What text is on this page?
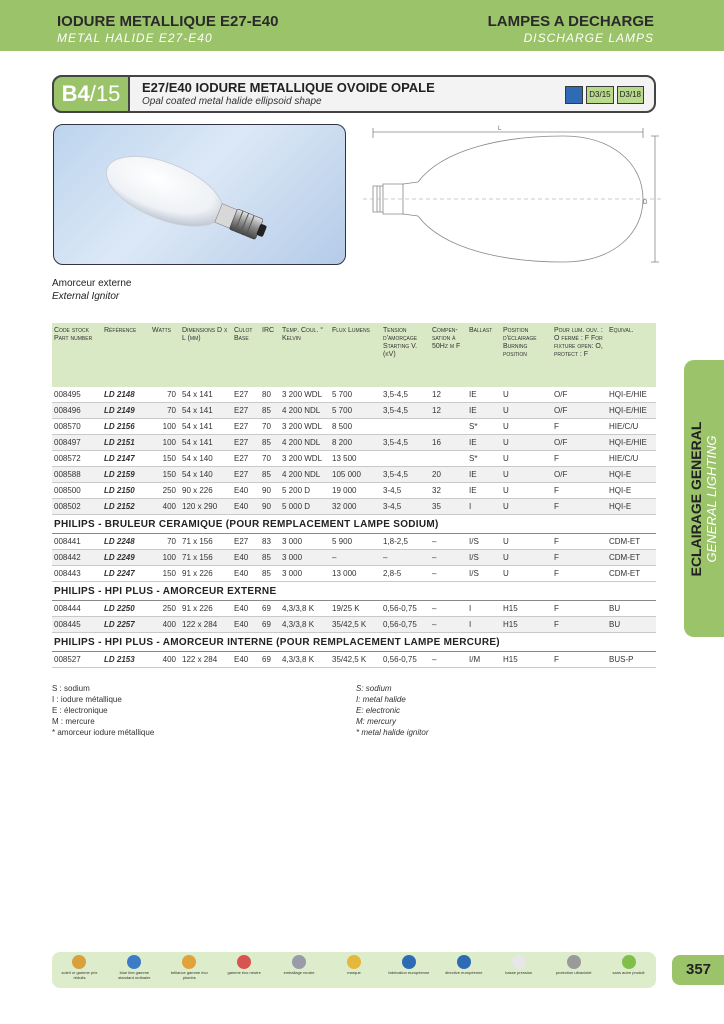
IODURE METALLIQUE E27-E40
METAL HALIDE E27-E40
LAMPES A DECHARGE
DISCHARGE LAMPS
B4/15	E27/E40 IODURE METALLIQUE OVOIDE OPALE
Opal coated metal halide ellipsoid shape
D3/15	D3/18
L
D
Amorceur externe
External Ignitor
Code stock Part number	Référence	Watts	Dimensions D x L (mm)	Culot Base	IRC	Temp. Coul. ° Kelvin	Flux Lumens	Tension d'amorçage Starting V. (kV)	Compen-sation à 50Hz µ F	Ballast	Position d'éclairage Burning position	Pour lum. ouv. : O fermé : F For fixture open: O, protect : F	Equival.
008495	LD 2148	70	54 x 141	E27	80	3 200 WDL	5 700	3,5-4,5	12	IE	U	O/F	HQI-E/HIE
008496	LD 2149	70	54 x 141	E27	85	4 200 NDL	5 700	3,5-4,5	12	IE	U	O/F	HQI-E/HIE
008570	LD 2156	100	54 x 141	E27	70	3 200 WDL	8 500			S*	U	F	HIE/C/U
008497	LD 2151	100	54 x 141	E27	85	4 200 NDL	8 200	3,5-4,5	16	IE	U	O/F	HQI-E/HIE
008572	LD 2147	150	54 x 140	E27	70	3 200 WDL	13 500			S*	U	F	HIE/C/U
008588	LD 2159	150	54 x 140	E27	85	4 200 NDL	105 000	3,5-4,5	20	IE	U	O/F	HQI-E
008500	LD 2150	250	90 x 226	E40	90	5 200 D	19 000	3-4,5	32	IE	U	F	HQI-E
008502	LD 2152	400	120 x 290	E40	90	5 000 D	32 000	3-4,5	35	I	U	F	HQI-E
PHILIPS - BRULEUR CERAMIQUE (POUR REMPLACEMENT LAMPE SODIUM)													
008441	LD 2248	70	71 x 156	E27	83	3 000	5 900	1,8-2,5	–	I/S	U	F	CDM-ET
008442	LD 2249	100	71 x 156	E40	85	3 000	–	–	–	I/S	U	F	CDM-ET
008443	LD 2247	150	91 x 226	E40	85	3 000	13 000	2,8-5	–	I/S	U	F	CDM-ET
PHILIPS - HPI PLUS - AMORCEUR EXTERNE													
008444	LD 2250	250	91 x 226	E40	69	4,3/3,8 K	19/25 K	0,56-0,75	–	I	H15	F	BU
008445	LD 2257	400	122 x 284	E40	69	4,3/3,8 K	35/42,5 K	0,56-0,75	–	I	H15	F	BU
PHILIPS - HPI PLUS - AMORCEUR INTERNE (POUR REMPLACEMENT LAMPE MERCURE)													
008527	LD 2153	400	122 x 284	E40	69	4,3/3,8 K	35/42,5 K	0,56-0,75	–	I/M	H15	F	BUS-P
S : sodium
I : iodure métallique
E : électronique
M : mercure
* amorceur iodure métallique
S: sodium
I: metal halide
E: electronic
M: mercury
* metal halide ignitor
ECLAIRAGE GENERAL GENERAL LIGHTING
soleil or gamme prix réduits
blue line gamme standard ordinaire
brillance gamme éco plombs
gamme éco neutre	emballage neutre	marque	fabrication européenne	directive européenne	basse pression	protection ultraviolet	sans autre produit	357
